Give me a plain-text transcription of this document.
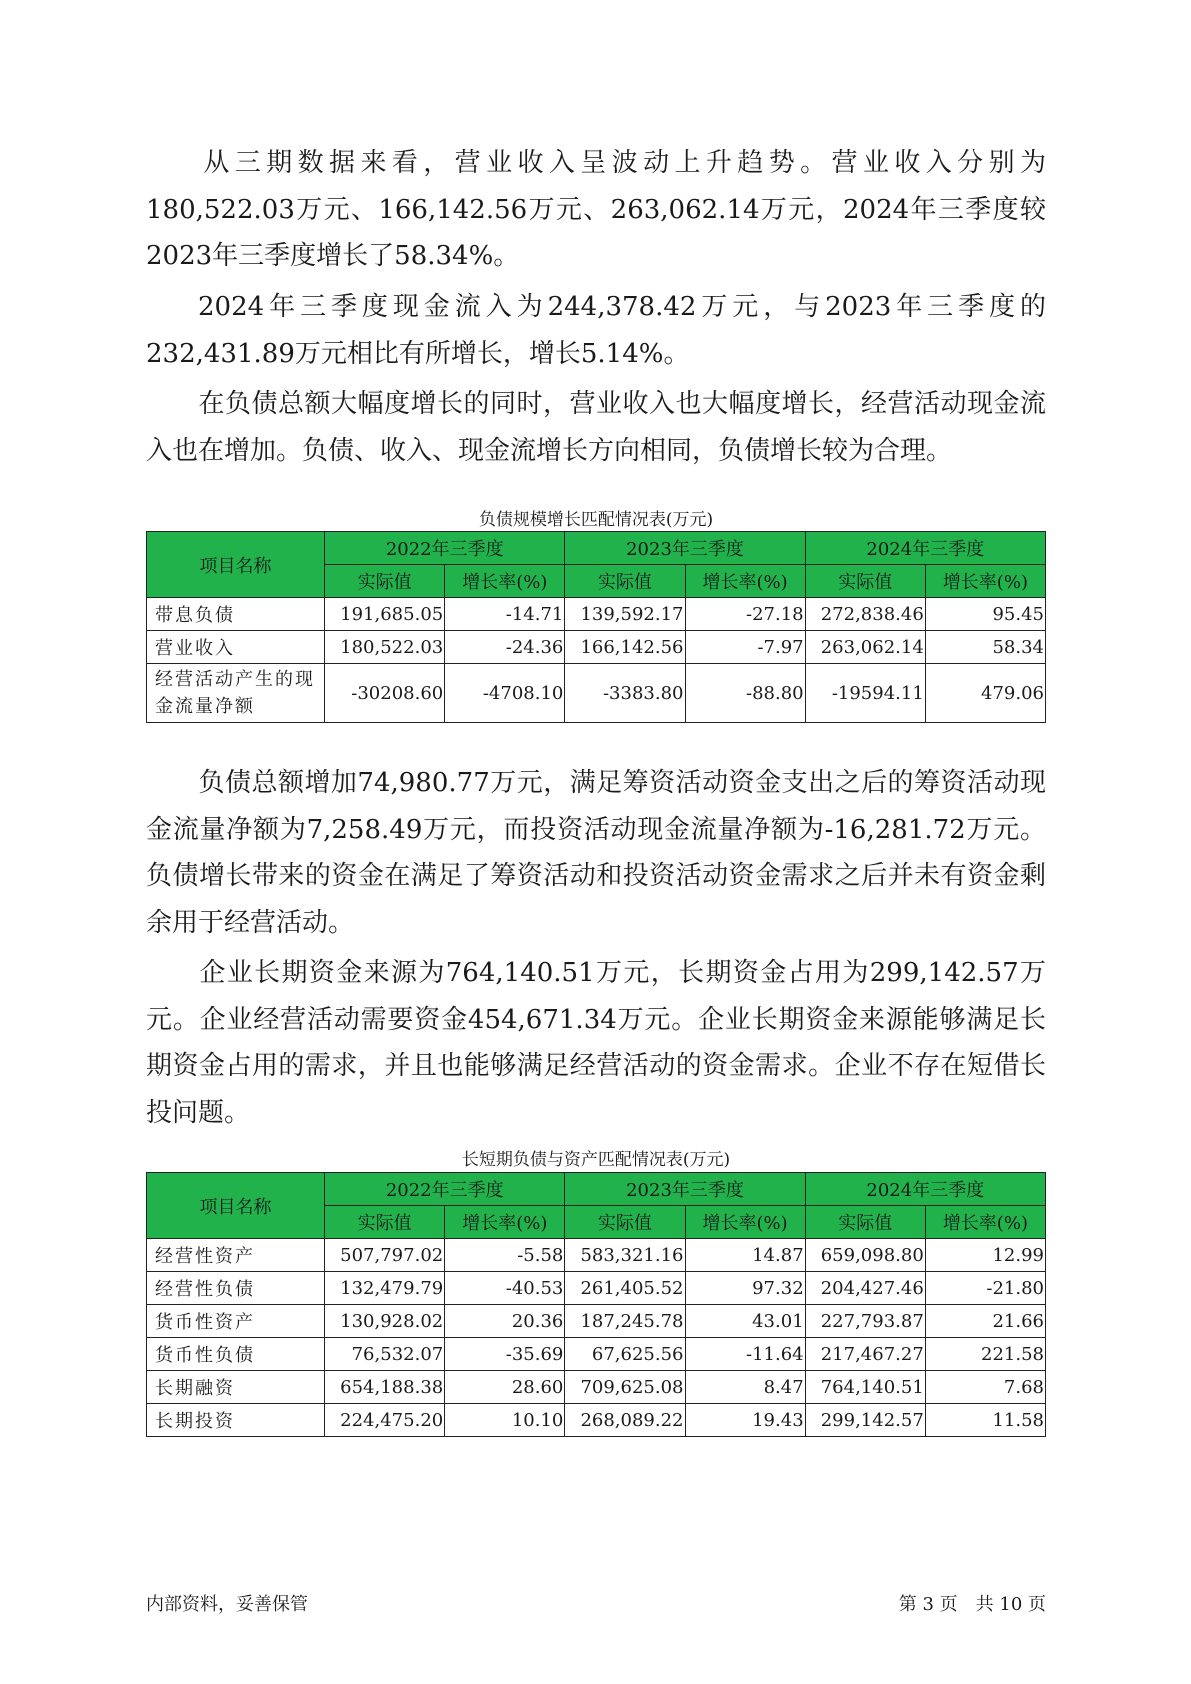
从三期数据来看，营业收入呈波动上升趋势。营业收入分别为180,522.03万元、166,142.56万元、263,062.14万元，2024年三季度较2023年三季度增长了58.34%。

2024年三季度现金流入为244,378.42万元，与2023年三季度的232,431.89万元相比有所增长，增长5.14%。

在负债总额大幅度增长的同时，营业收入也大幅度增长，经营活动现金流入也在增加。负债、收入、现金流增长方向相同，负债增长较为合理。

负债规模增长匹配情况表(万元)
项目名称	2022年三季度		2023年三季度		2024年三季度	
	实际值	增长率(%)	实际值	增长率(%)	实际值	增长率(%)
带息负债	191,685.05	-14.71	139,592.17	-27.18	272,838.46	95.45
营业收入	180,522.03	-24.36	166,142.56	-7.97	263,062.14	58.34
经营活动产生的现金流量净额	-30208.60	-4708.10	-3383.80	-88.80	-19594.11	479.06

负债总额增加74,980.77万元，满足筹资活动资金支出之后的筹资活动现金流量净额为7,258.49万元，而投资活动现金流量净额为-16,281.72万元。负债增长带来的资金在满足了筹资活动和投资活动资金需求之后并未有资金剩余用于经营活动。

企业长期资金来源为764,140.51万元，长期资金占用为299,142.57万元。企业经营活动需要资金454,671.34万元。企业长期资金来源能够满足长期资金占用的需求，并且也能够满足经营活动的资金需求。企业不存在短借长投问题。

长短期负债与资产匹配情况表(万元)
项目名称	2022年三季度		2023年三季度		2024年三季度	
	实际值	增长率(%)	实际值	增长率(%)	实际值	增长率(%)
经营性资产	507,797.02	-5.58	583,321.16	14.87	659,098.80	12.99
经营性负债	132,479.79	-40.53	261,405.52	97.32	204,427.46	-21.80
货币性资产	130,928.02	20.36	187,245.78	43.01	227,793.87	21.66
货币性负债	76,532.07	-35.69	67,625.56	-11.64	217,467.27	221.58
长期融资	654,188.38	28.60	709,625.08	8.47	764,140.51	7.68
长期投资	224,475.20	10.10	268,089.22	19.43	299,142.57	11.58
内部资料，妥善保管	第 3 页　共 10 页
